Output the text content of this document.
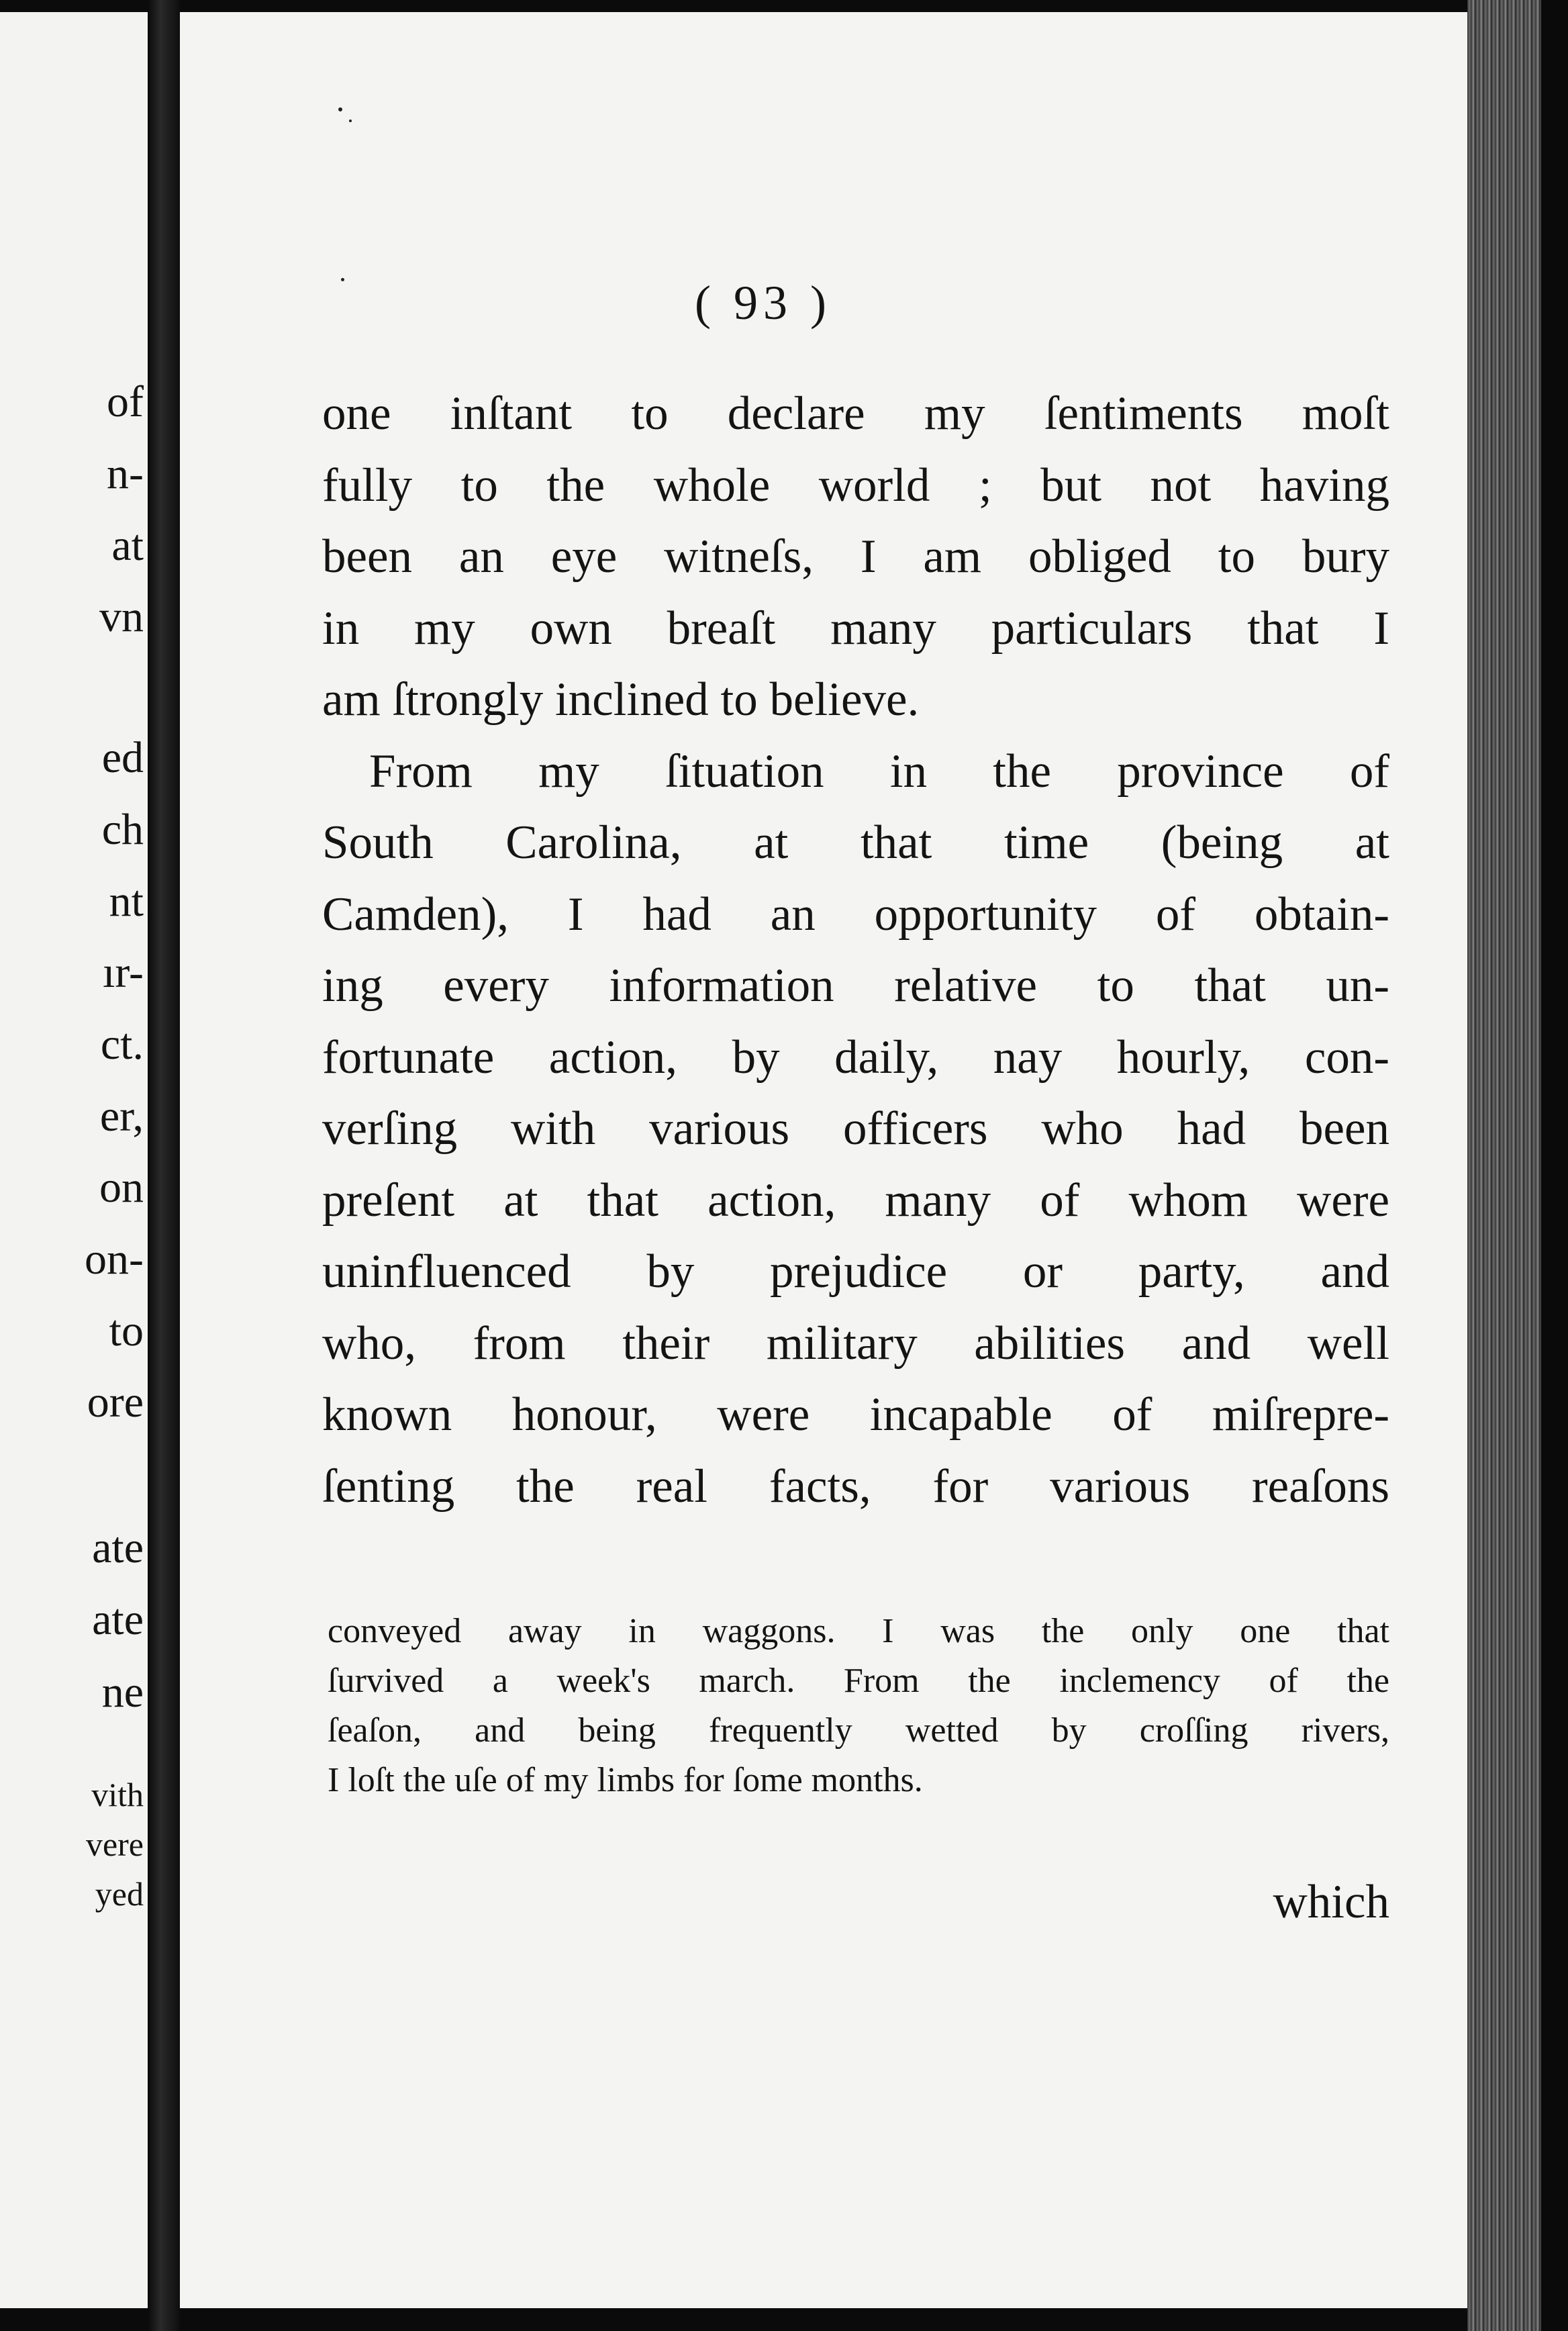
of
n-
at
vn
ed
ch
nt
ır-
ct.
er,
on
on-
to
ore
ate
ate
ne
vith
vere
yed
( 93 )
one inſtant to declare my ſentiments moſt
fully to the whole world ; but not having
been an eye witneſs, I am obliged to bury
in my own breaſt many particulars that I
am ſtrongly inclined to believe.
From my ſituation in the province of
South Carolina, at that time (being at
Camden), I had an opportunity of obtain-
ing every information relative to that un-
fortunate action, by daily, nay hourly, con-
verſing with various officers who had been
preſent at that action, many of whom were
uninfluenced by prejudice or party, and
who, from their military abilities and well
known honour, were incapable of miſrepre-
ſenting the real facts, for various reaſons
conveyed away in waggons. I was the only one that
ſurvived a week's march. From the inclemency of the
ſeaſon, and being frequently wetted by croſſing rivers,
I loſt the uſe of my limbs for ſome months.
which
